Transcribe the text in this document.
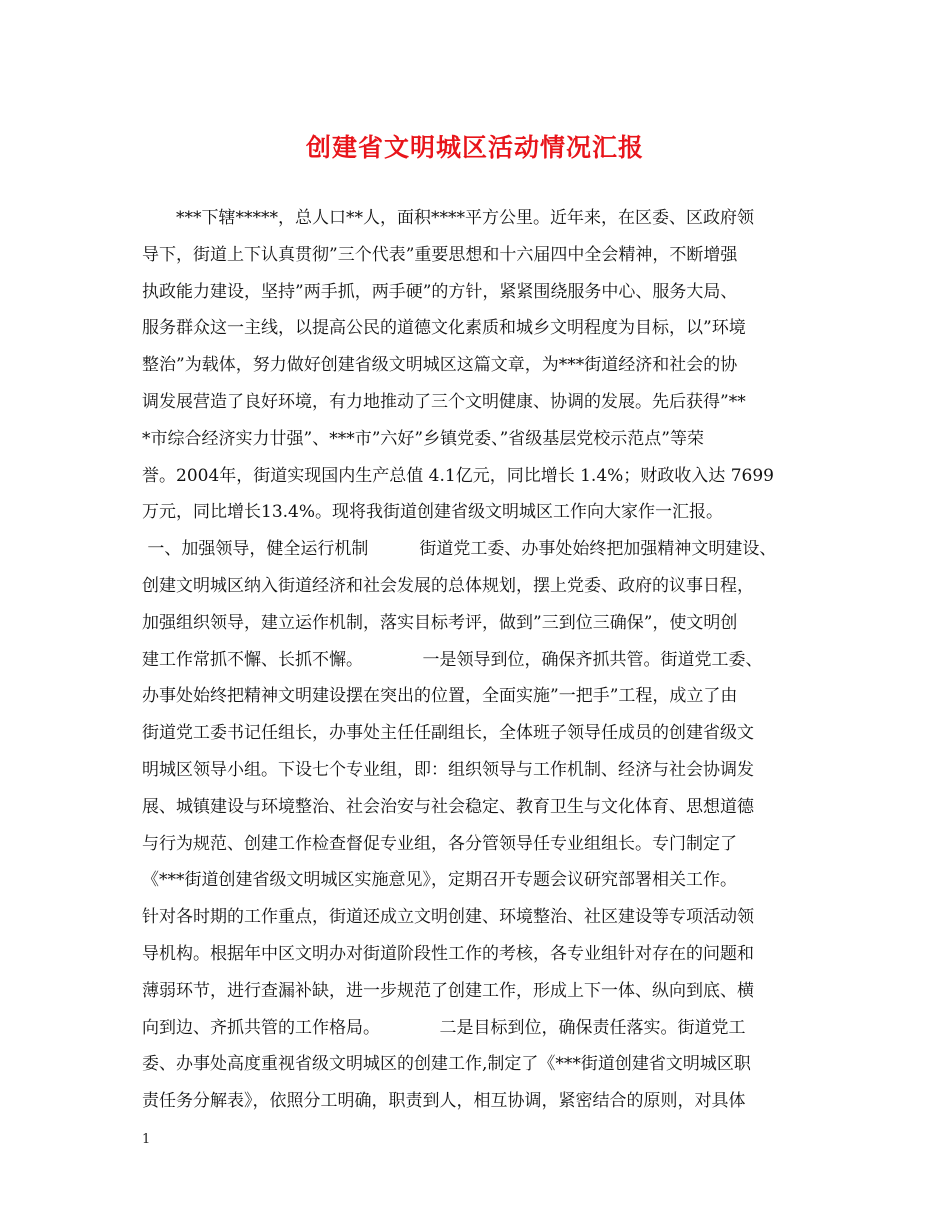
创建省文明城区活动情况汇报
　　***下辖*****，总人口**人，面积****平方公里。近年来，在区委、区政府领
导下，街道上下认真贯彻”三个代表”重要思想和十六届四中全会精神，不断增强
执政能力建设，坚持”两手抓，两手硬”的方针，紧紧围绕服务中心、服务大局、
服务群众这一主线，以提高公民的道德文化素质和城乡文明程度为目标，以”环境
整治”为载体，努力做好创建省级文明城区这篇文章，为***街道经济和社会的协
调发展营造了良好环境，有力地推动了三个文明健康、协调的发展。先后获得”**
*市综合经济实力廿强”、***市”六好”乡镇党委、”省级基层党校示范点”等荣
誉。2004年，街道实现国内生产总值 4.1亿元，同比增长 1.4%；财政收入达 7699
万元，同比增长13.4%。现将我街道创建省级文明城区工作向大家作一汇报。
一、加强领导，健全运行机制　　　街道党工委、办事处始终把加强精神文明建设、
创建文明城区纳入街道经济和社会发展的总体规划，摆上党委、政府的议事日程，
加强组织领导，建立运作机制，落实目标考评，做到”三到位三确保”，使文明创
建工作常抓不懈、长抓不懈。　　　　一是领导到位，确保齐抓共管。街道党工委、
办事处始终把精神文明建设摆在突出的位置，全面实施”一把手”工程，成立了由
街道党工委书记任组长，办事处主任任副组长，全体班子领导任成员的创建省级文
明城区领导小组。下设七个专业组，即：组织领导与工作机制、经济与社会协调发
展、城镇建设与环境整治、社会治安与社会稳定、教育卫生与文化体育、思想道德
与行为规范、创建工作检查督促专业组，各分管领导任专业组组长。专门制定了
《***街道创建省级文明城区实施意见》，定期召开专题会议研究部署相关工作。
针对各时期的工作重点，街道还成立文明创建、环境整治、社区建设等专项活动领
导机构。根据年中区文明办对街道阶段性工作的考核，各专业组针对存在的问题和
薄弱环节，进行查漏补缺，进一步规范了创建工作，形成上下一体、纵向到底、横
向到边、齐抓共管的工作格局。　　　　二是目标到位，确保责任落实。街道党工
委、办事处高度重视省级文明城区的创建工作,制定了《***街道创建省文明城区职
责任务分解表》，依照分工明确，职责到人，相互协调，紧密结合的原则，对具体
1
